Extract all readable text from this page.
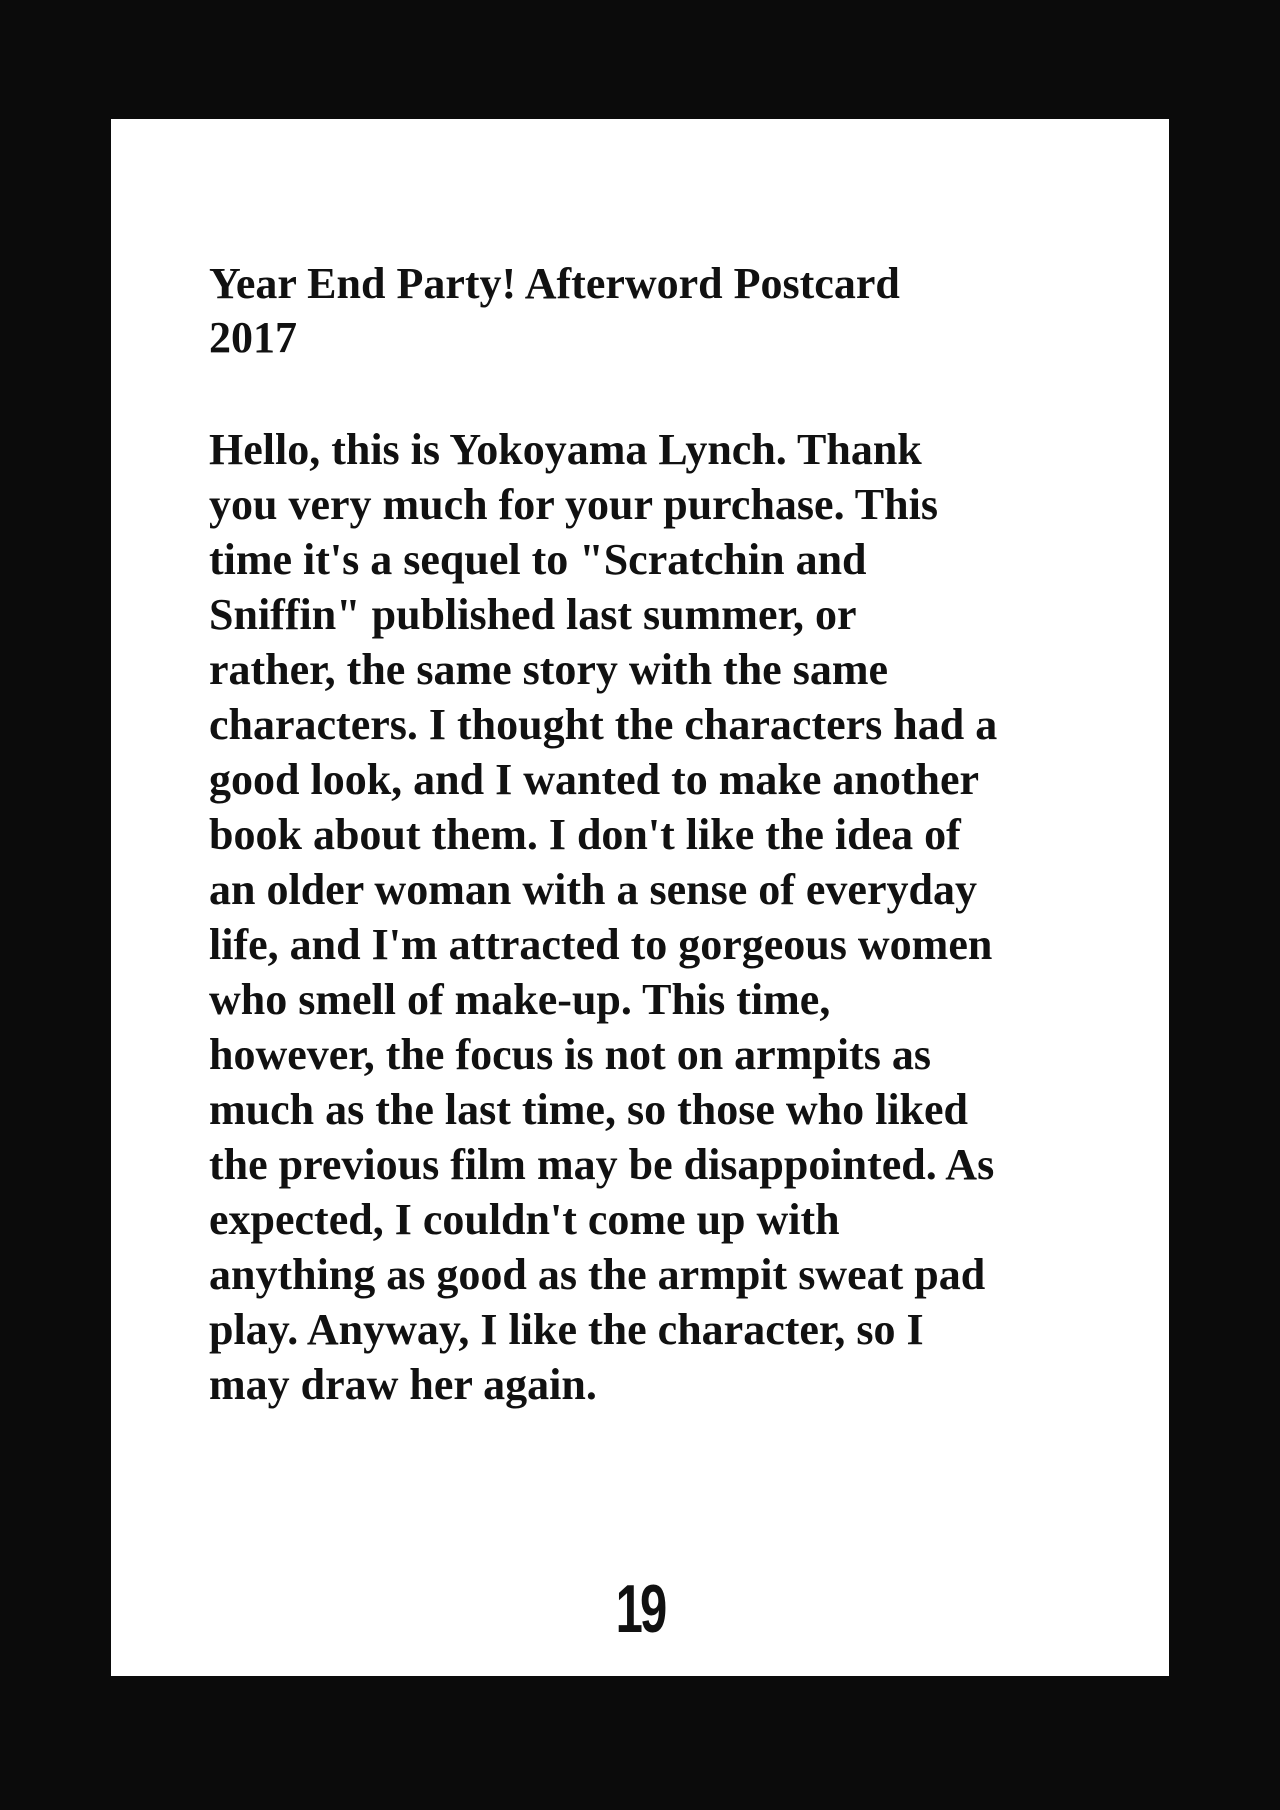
Year End Party! Afterword Postcard
2017

Hello, this is Yokoyama Lynch. Thank
you very much for your purchase. This
time it's a sequel to "Scratchin and
Sniffin" published last summer, or
rather, the same story with the same
characters. I thought the characters had a
good look, and I wanted to make another
book about them. I don't like the idea of
an older woman with a sense of everyday
life, and I'm attracted to gorgeous women
who smell of make-up. This time,
however, the focus is not on armpits as
much as the last time, so those who liked
the previous film may be disappointed. As
expected, I couldn't come up with
anything as good as the armpit sweat pad
play. Anyway, I like the character, so I
may draw her again.

19
